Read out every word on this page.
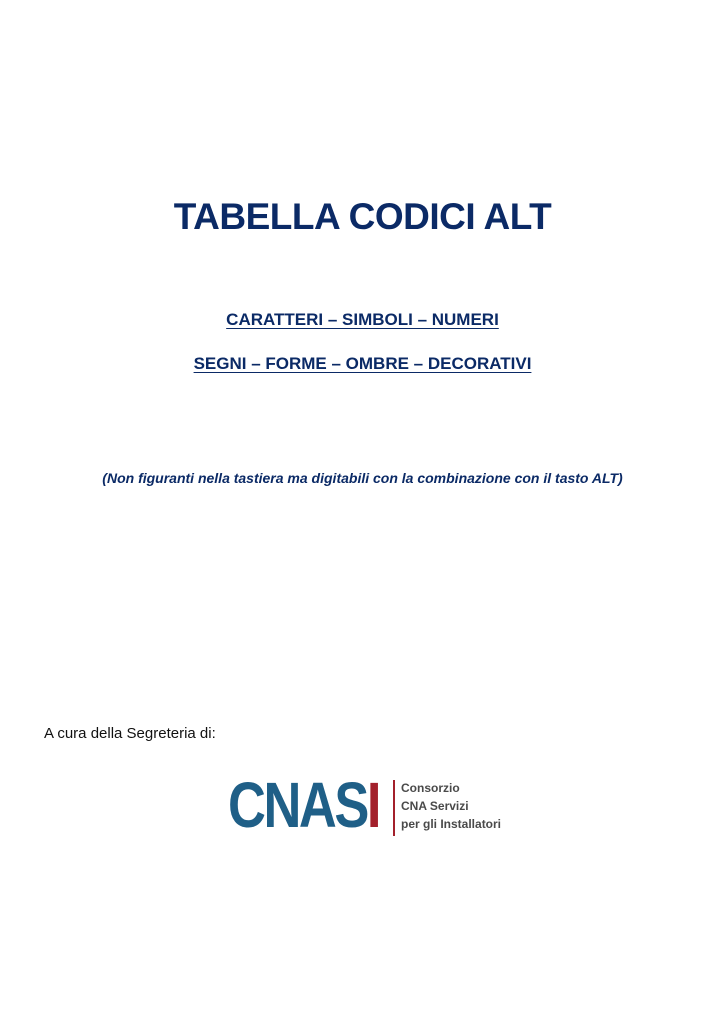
TABELLA CODICI ALT

CARATTERI – SIMBOLI – NUMERI

SEGNI – FORME – OMBRE – DECORATIVI

(Non figuranti nella tastiera ma digitabili con la combinazione con il tasto ALT)

A cura della Segreteria di:

CNASI Consorzio
CNA Servizi
per gli Installatori
